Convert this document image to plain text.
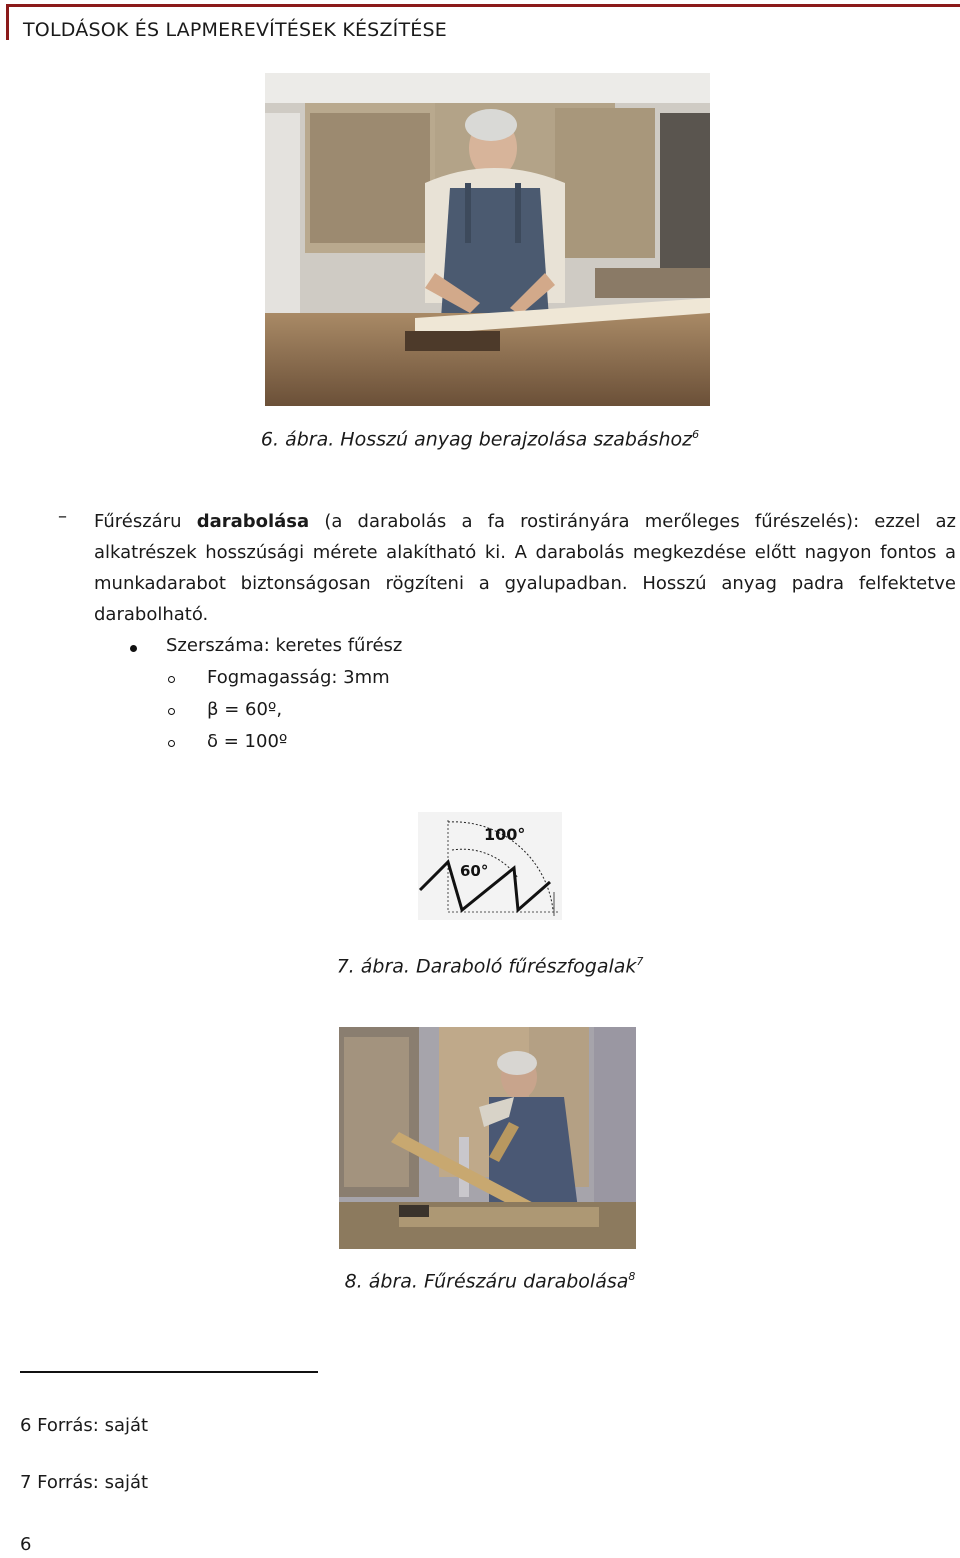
TOLDÁSOK ÉS LAPMEREVÍTÉSEK KÉSZÍTÉSE
6. ábra. Hosszú anyag berajzolása szabáshoz$^6$
– Fűrészáru darabolása (a darabolás a fa rostirányára merőleges fűrészelés): ezzel az alkatrészek hosszúsági mérete alakítható ki. A darabolás megkezdése előtt nagyon fontos a munkadarabot biztonságosan rögzíteni a gyalupadban. Hosszú anyag padra felfektetve darabolható.
Szerszáma: keretes fűrész
Fogmagasság: 3mm
β = 60º,
δ = 100º
100°
60°
7. ábra. Daraboló fűrészfogalak$^7$
8. ábra. Fűrészáru darabolása$^8$
6 Forrás: saját
7 Forrás: saját
6
